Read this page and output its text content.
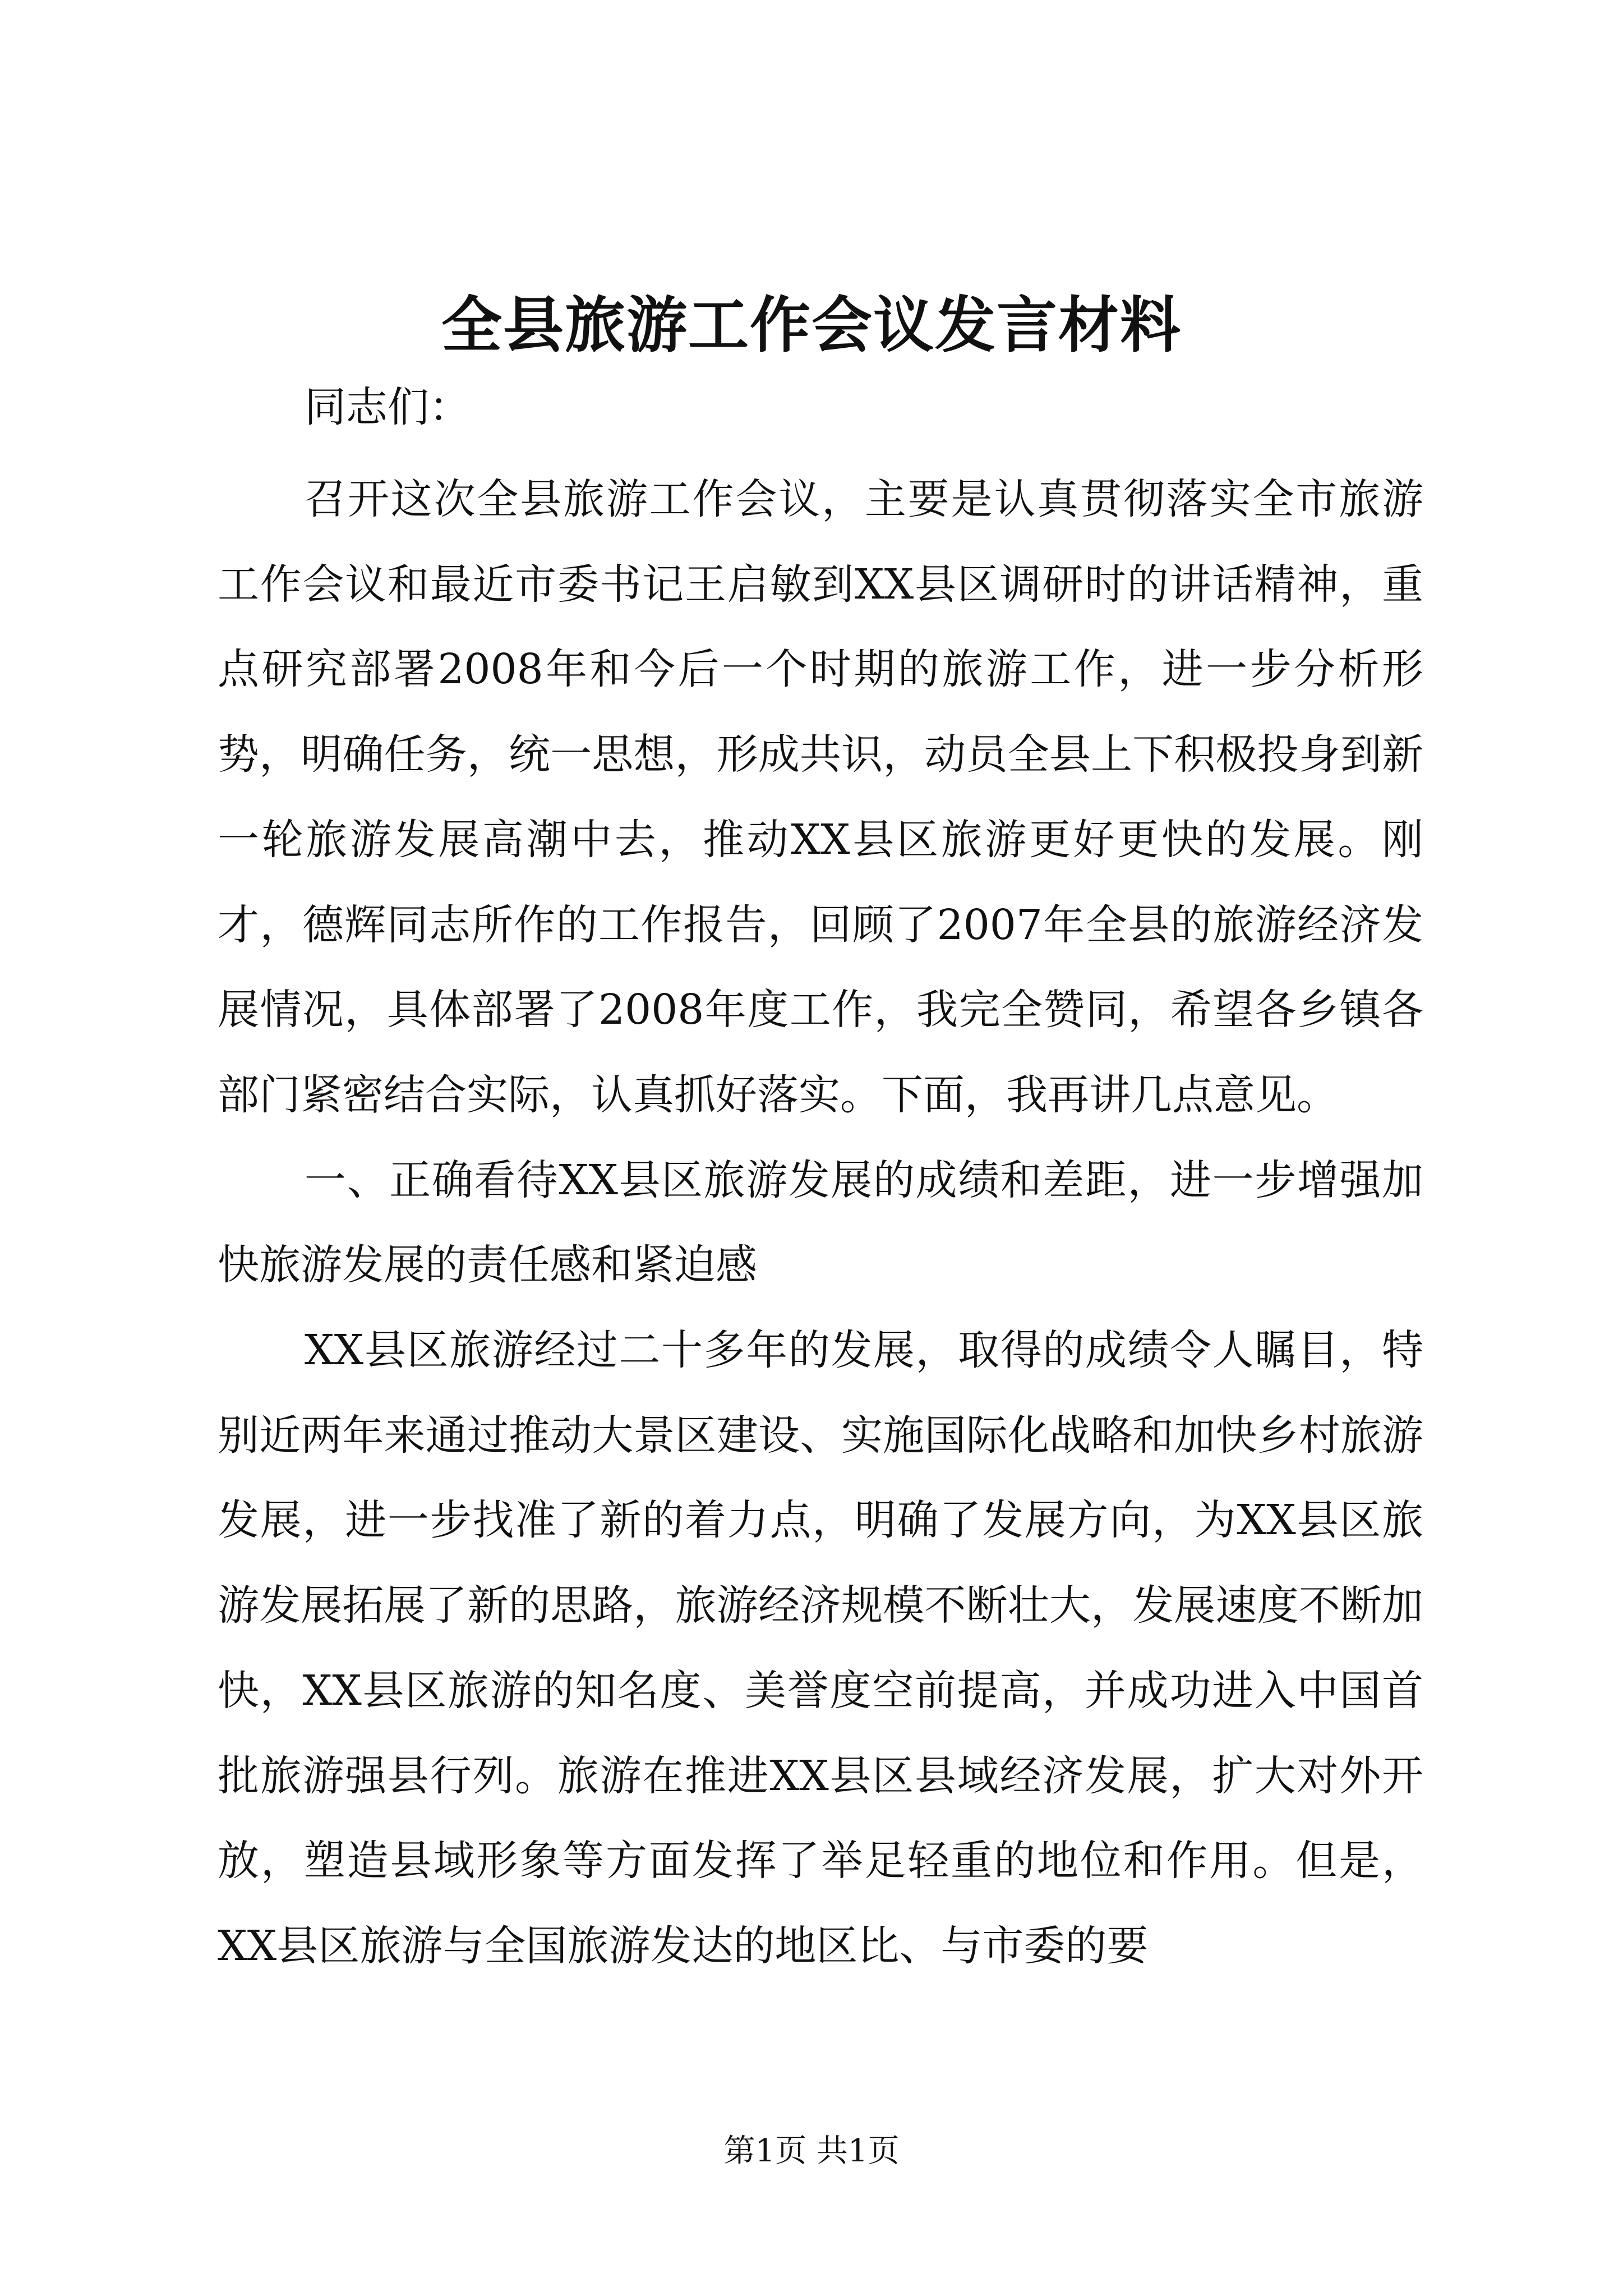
全县旅游工作会议发言材料

同志们：

召开这次全县旅游工作会议，主要是认真贯彻落实全市旅游工作会议和最近市委书记王启敏到XX县区调研时的讲话精神，重点研究部署2008年和今后一个时期的旅游工作，进一步分析形势，明确任务，统一思想，形成共识，动员全县上下积极投身到新一轮旅游发展高潮中去，推动XX县区旅游更好更快的发展。刚才，德辉同志所作的工作报告，回顾了2007年全县的旅游经济发展情况，具体部署了2008年度工作，我完全赞同，希望各乡镇各部门紧密结合实际，认真抓好落实。下面，我再讲几点意见。

一、正确看待XX县区旅游发展的成绩和差距，进一步增强加快旅游发展的责任感和紧迫感

XX县区旅游经过二十多年的发展，取得的成绩令人瞩目，特别近两年来通过推动大景区建设、实施国际化战略和加快乡村旅游发展，进一步找准了新的着力点，明确了发展方向，为XX县区旅游发展拓展了新的思路，旅游经济规模不断壮大，发展速度不断加快，XX县区旅游的知名度、美誉度空前提高，并成功进入中国首批旅游强县行列。旅游在推进XX县区县域经济发展，扩大对外开放，塑造县域形象等方面发挥了举足轻重的地位和作用。但是，XX县区旅游与全国旅游发达的地区比、与市委的要

第1页 共1页
